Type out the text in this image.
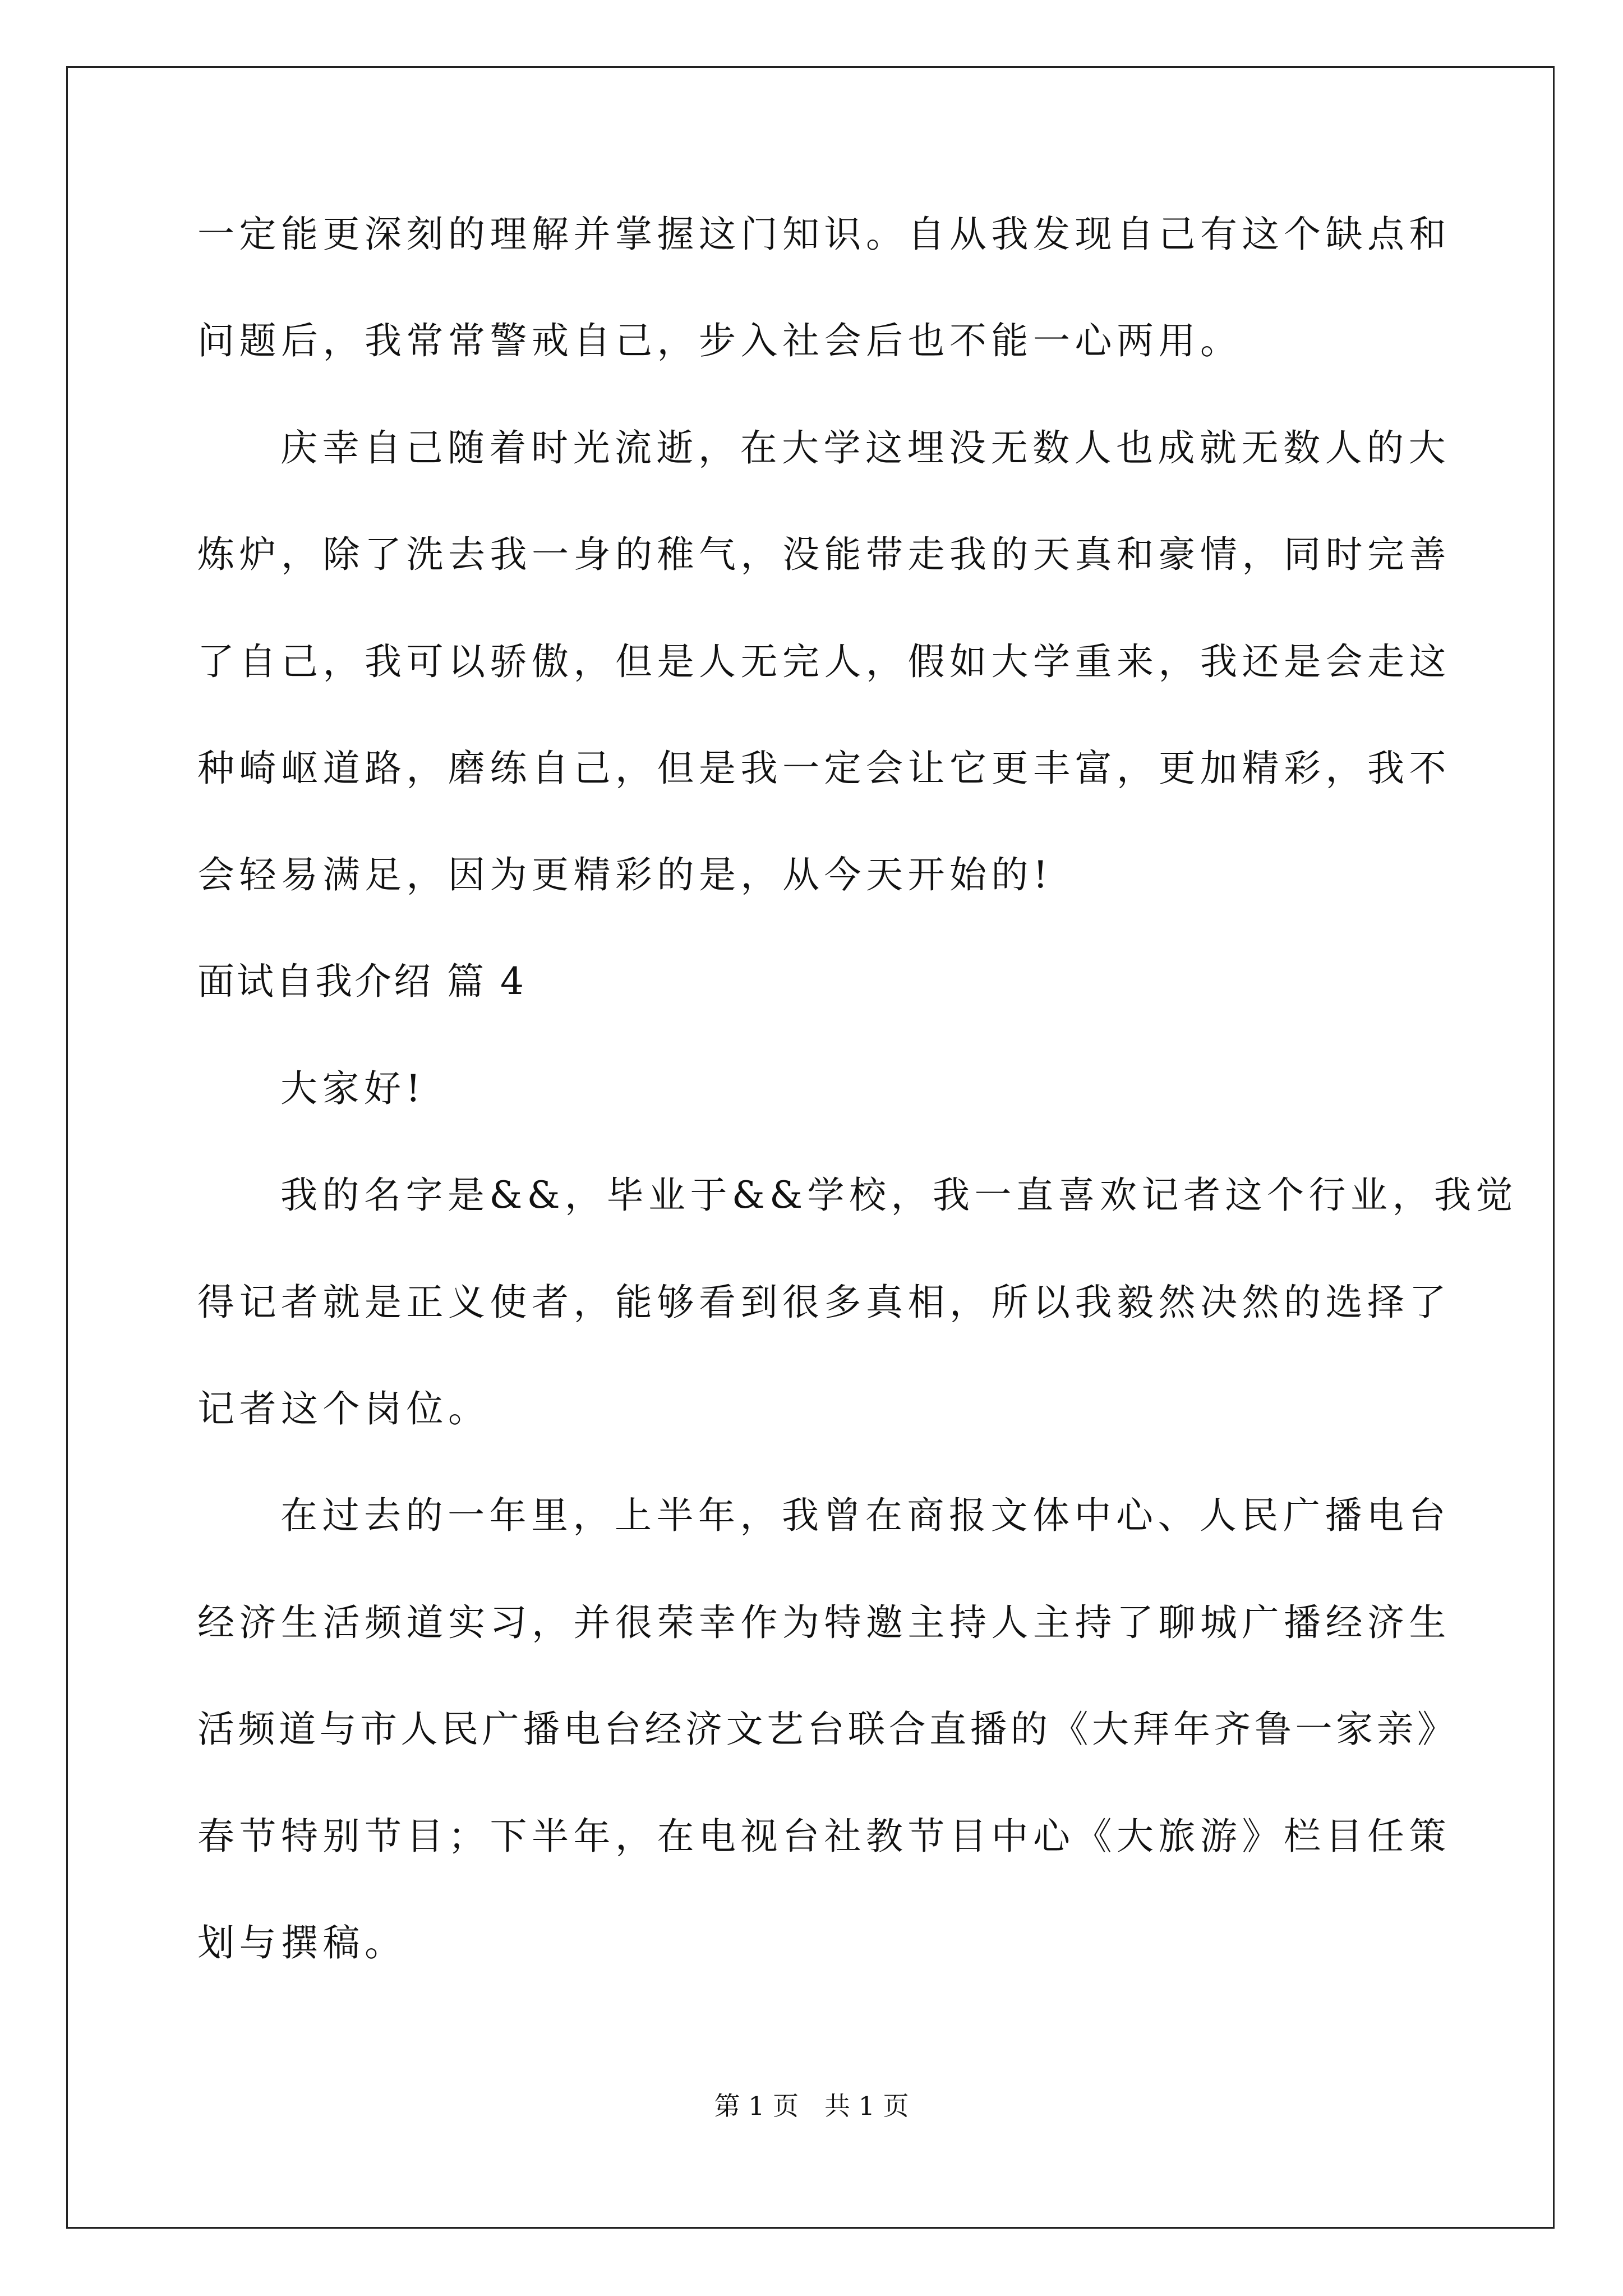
一定能更深刻的理解并掌握这门知识。自从我发现自己有这个缺点和
问题后，我常常警戒自己，步入社会后也不能一心两用。
庆幸自己随着时光流逝，在大学这埋没无数人也成就无数人的大
炼炉，除了洗去我一身的稚气，没能带走我的天真和豪情，同时完善
了自己，我可以骄傲，但是人无完人，假如大学重来，我还是会走这
种崎岖道路，磨练自己，但是我一定会让它更丰富，更加精彩，我不
会轻易满足，因为更精彩的是，从今天开始的!
面试自我介绍 篇 4
大家好!
我的名字是&&，毕业于&&学校，我一直喜欢记者这个行业，我觉
得记者就是正义使者，能够看到很多真相，所以我毅然决然的选择了
记者这个岗位。
在过去的一年里，上半年，我曾在商报文体中心、人民广播电台
经济生活频道实习，并很荣幸作为特邀主持人主持了聊城广播经济生
活频道与市人民广播电台经济文艺台联合直播的《大拜年齐鲁一家亲》
春节特别节目；下半年，在电视台社教节目中心《大旅游》栏目任策
划与撰稿。
第 1 页　共 1 页
